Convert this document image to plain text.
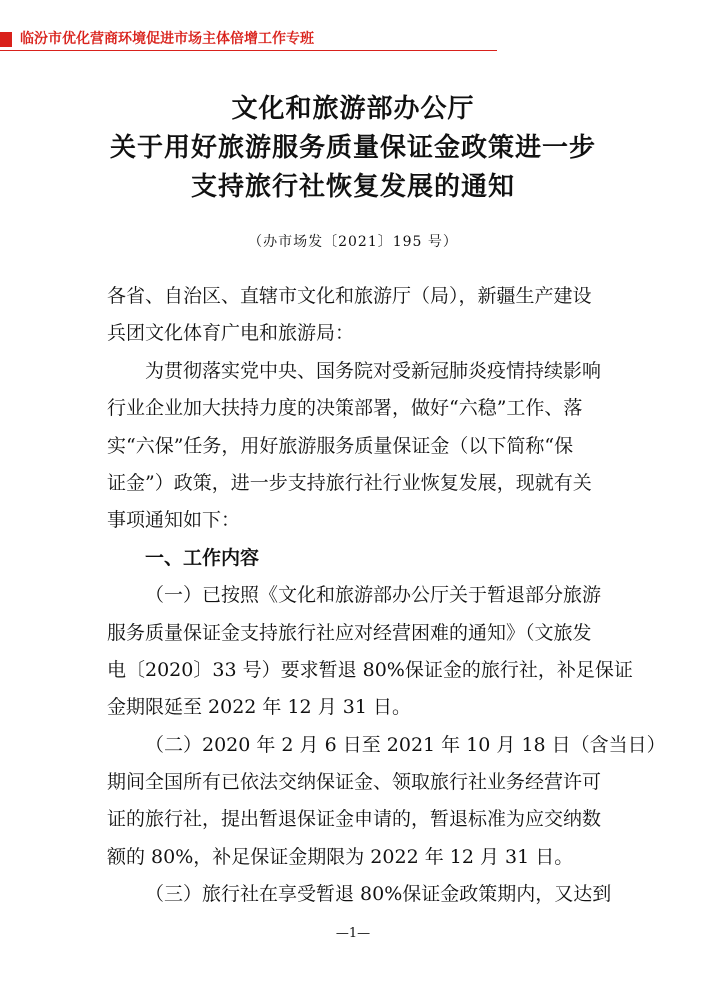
临汾市优化营商环境促进市场主体倍增工作专班
文化和旅游部办公厅
关于用好旅游服务质量保证金政策进一步
支持旅行社恢复发展的通知
（办市场发〔2021〕195 号）
各省、自治区、直辖市文化和旅游厅（局），新疆生产建设
兵团文化体育广电和旅游局：
为贯彻落实党中央、国务院对受新冠肺炎疫情持续影响
行业企业加大扶持力度的决策部署，做好“六稳”工作、落
实“六保”任务，用好旅游服务质量保证金（以下简称“保
证金”）政策，进一步支持旅行社行业恢复发展，现就有关
事项通知如下：
一、工作内容
（一）已按照《文化和旅游部办公厅关于暂退部分旅游
服务质量保证金支持旅行社应对经营困难的通知》（文旅发
电〔2020〕33 号）要求暂退 80%保证金的旅行社，补足保证
金期限延至 2022 年 12 月 31 日。
（二）2020 年 2 月 6 日至 2021 年 10 月 18 日（含当日）
期间全国所有已依法交纳保证金、领取旅行社业务经营许可
证的旅行社，提出暂退保证金申请的，暂退标准为应交纳数
额的 80%，补足保证金期限为 2022 年 12 月 31 日。
（三）旅行社在享受暂退 80%保证金政策期内，又达到
—1—
